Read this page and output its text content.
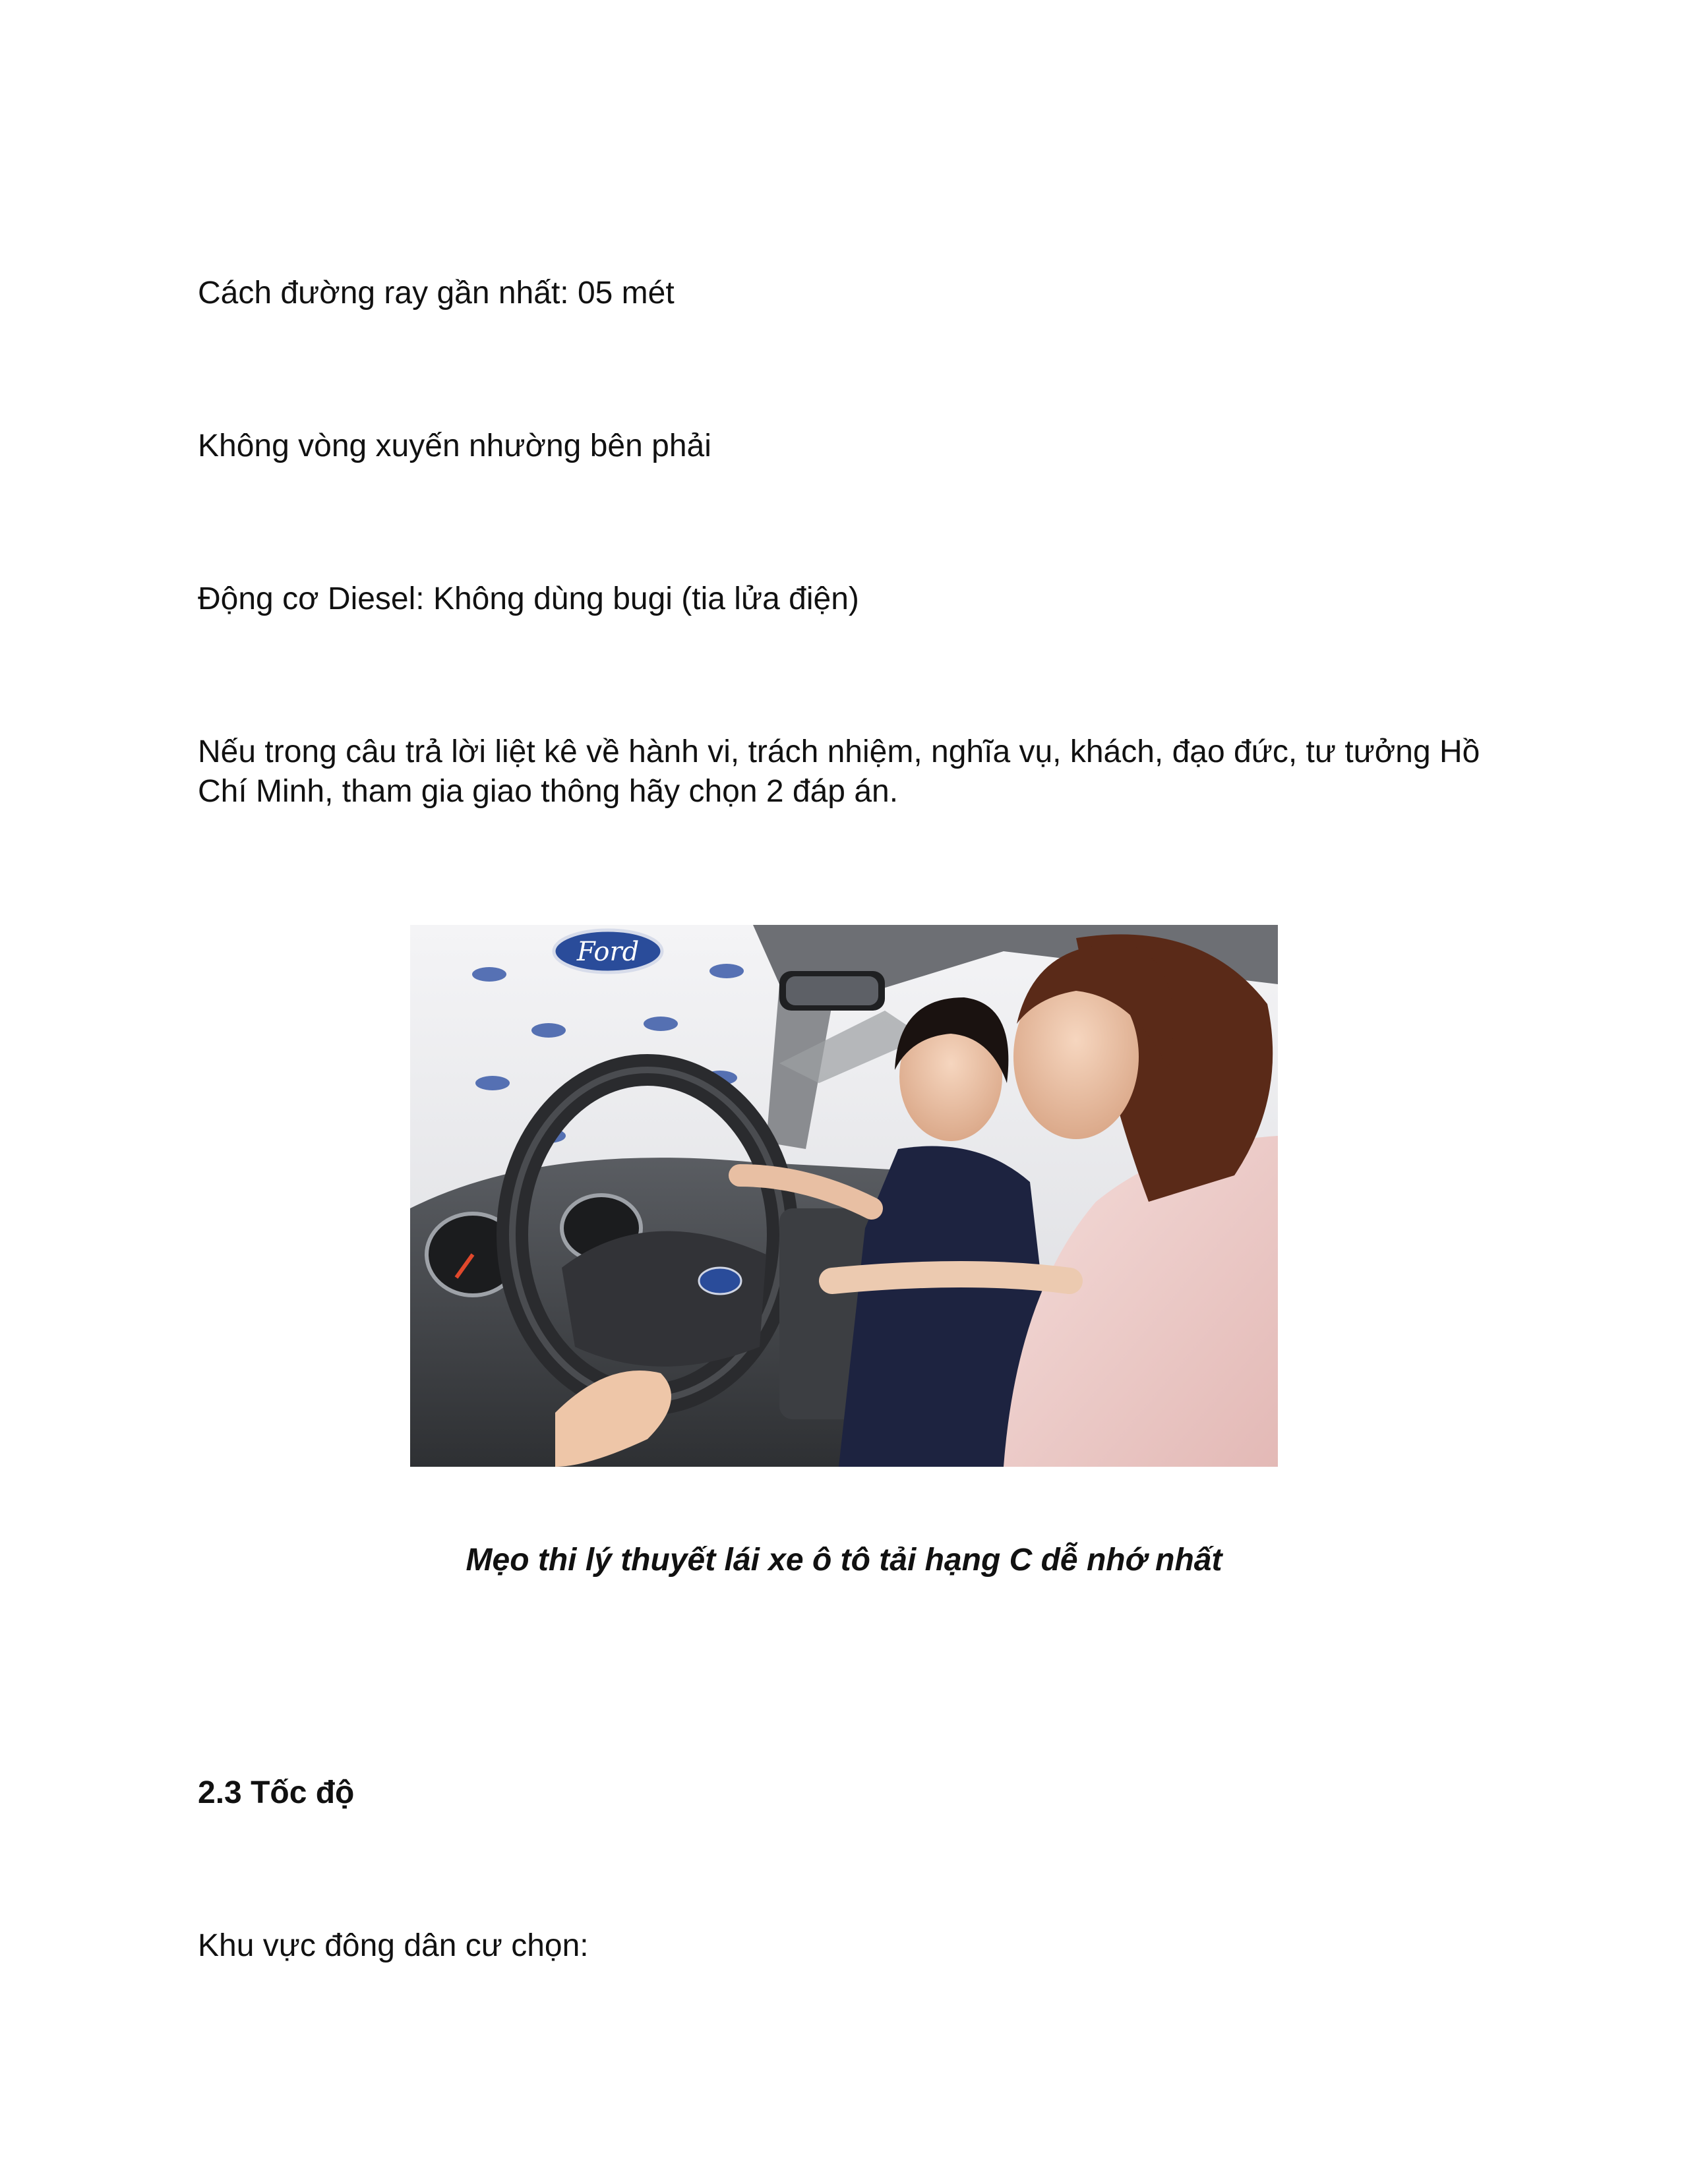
Cách đường ray gần nhất: 05 mét

Không vòng xuyến nhường bên phải

Động cơ Diesel: Không dùng bugi (tia lửa điện)

Nếu trong câu trả lời liệt kê về hành vi, trách nhiệm, nghĩa vụ, khách, đạo đức, tư tưởng Hồ Chí Minh, tham gia giao thông hãy chọn 2 đáp án.

Ford

Mẹo thi lý thuyết lái xe ô tô tải hạng C dễ nhớ nhất

2.3 Tốc độ

Khu vực đông dân cư chọn:
